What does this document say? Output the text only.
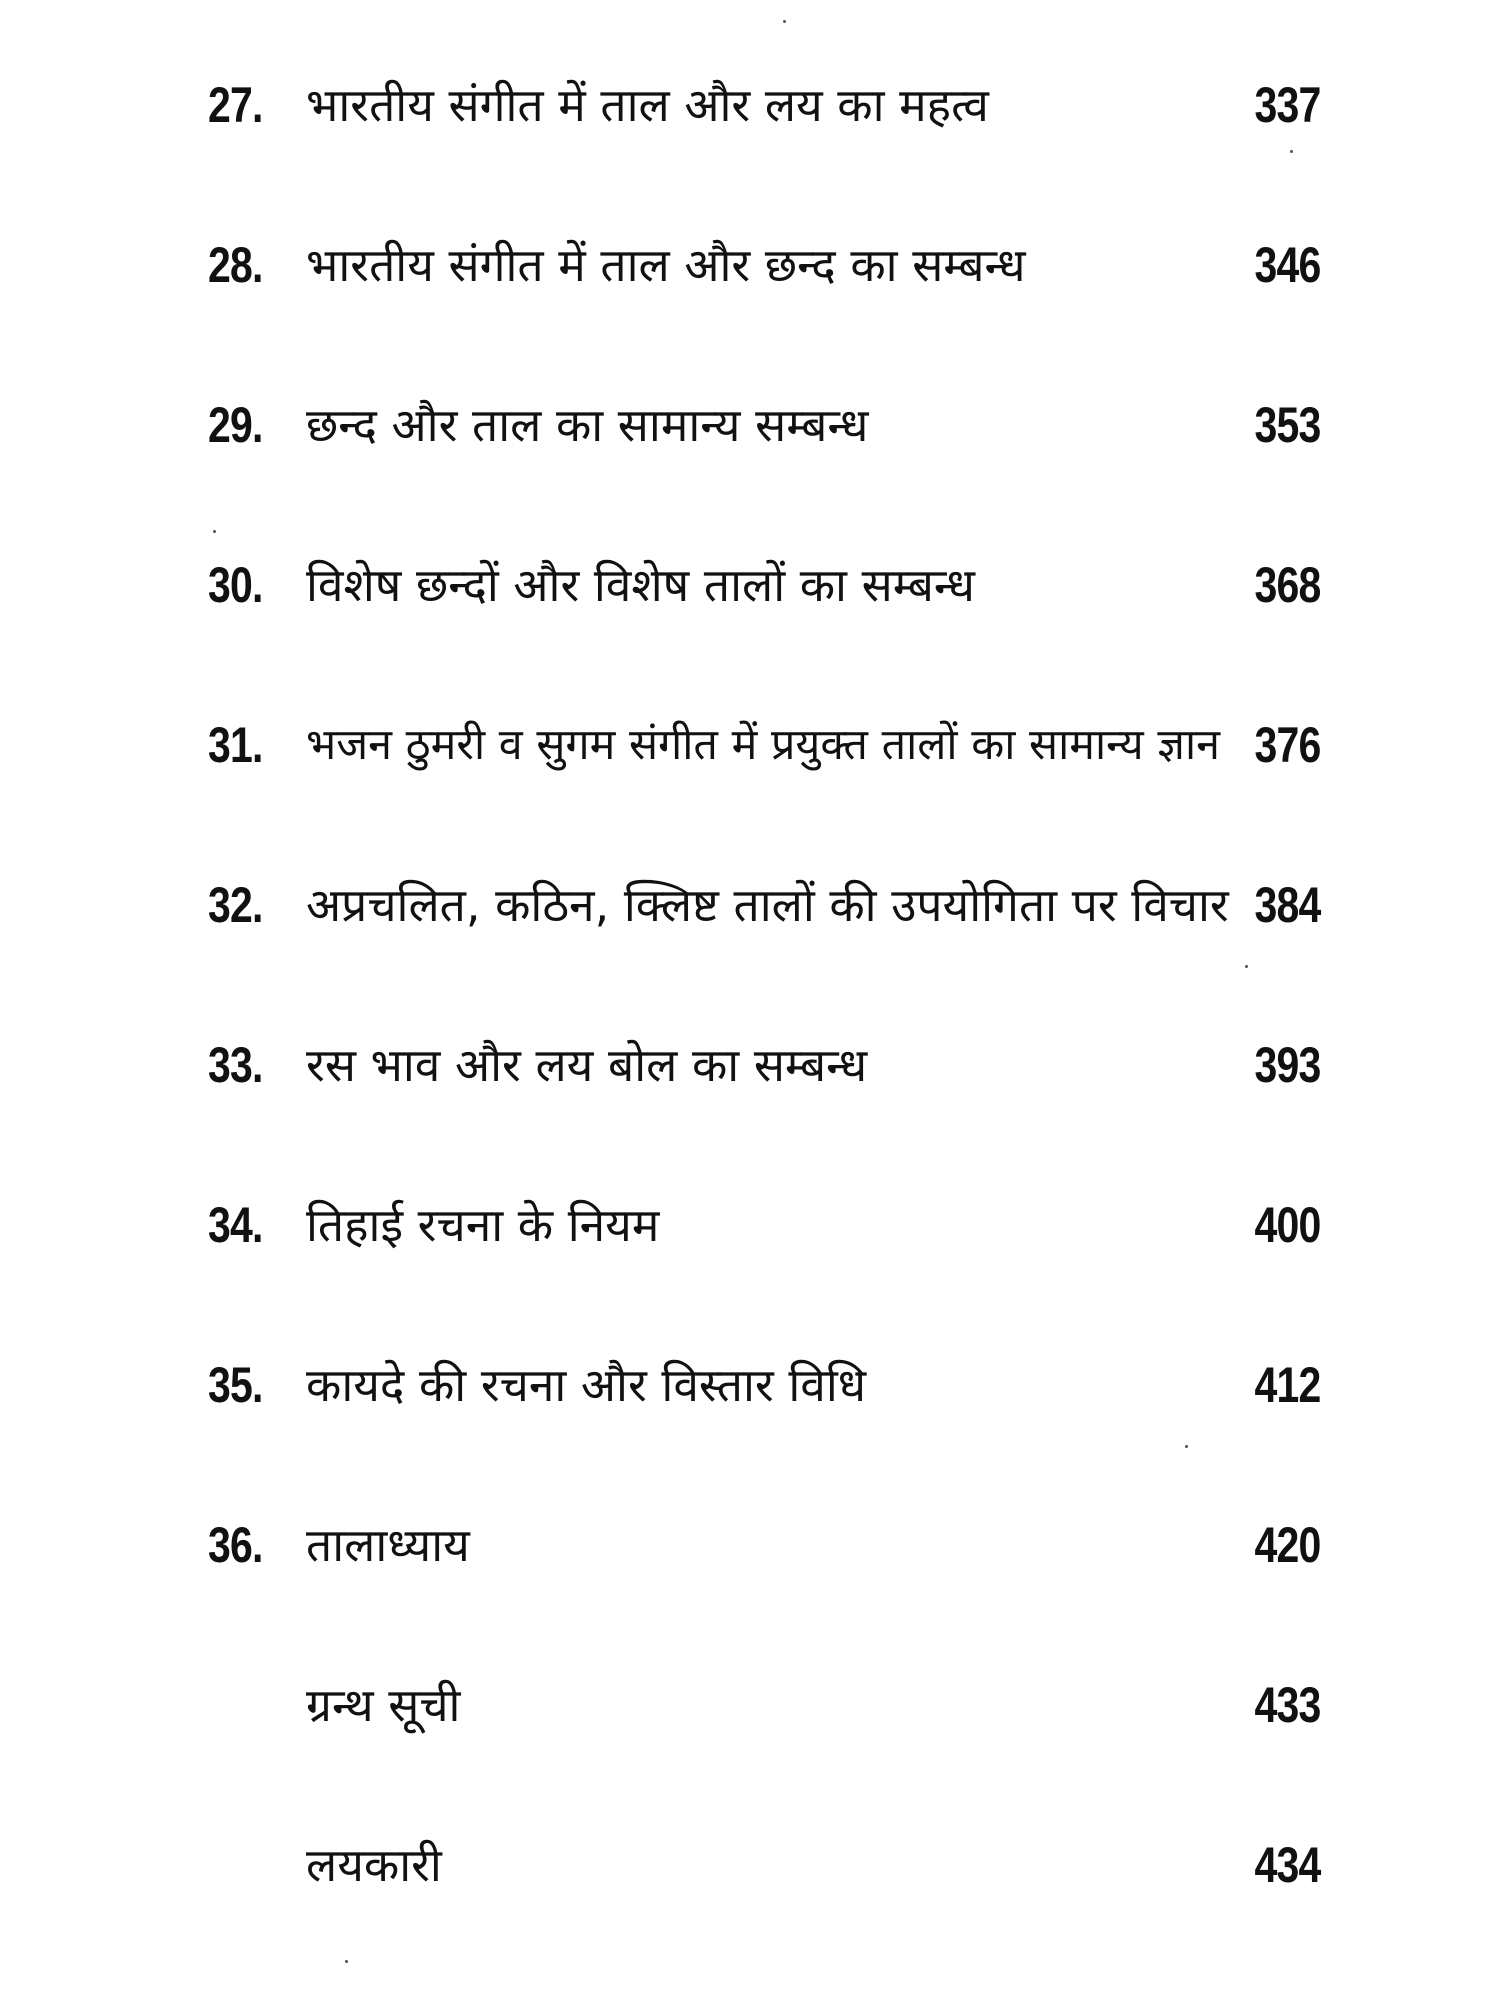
27. भारतीय संगीत में ताल और लय का महत्व	337
28. भारतीय संगीत में ताल और छन्द का सम्बन्ध	346
29. छन्द और ताल का सामान्य सम्बन्ध	353
30. विशेष छन्दों और विशेष तालों का सम्बन्ध	368
31. भजन ठुमरी व सुगम संगीत में प्रयुक्त तालों का सामान्य ज्ञान 376
32. अप्रचलित, कठिन, क्लिष्ट तालों की उपयोगिता पर विचार 384
33. रस भाव और लय बोल का सम्बन्ध	393
34. तिहाई रचना के नियम	400
35. कायदे की रचना और विस्तार विधि	412
36. तालाध्याय	420
ग्रन्थ सूची	433
लयकारी	434
